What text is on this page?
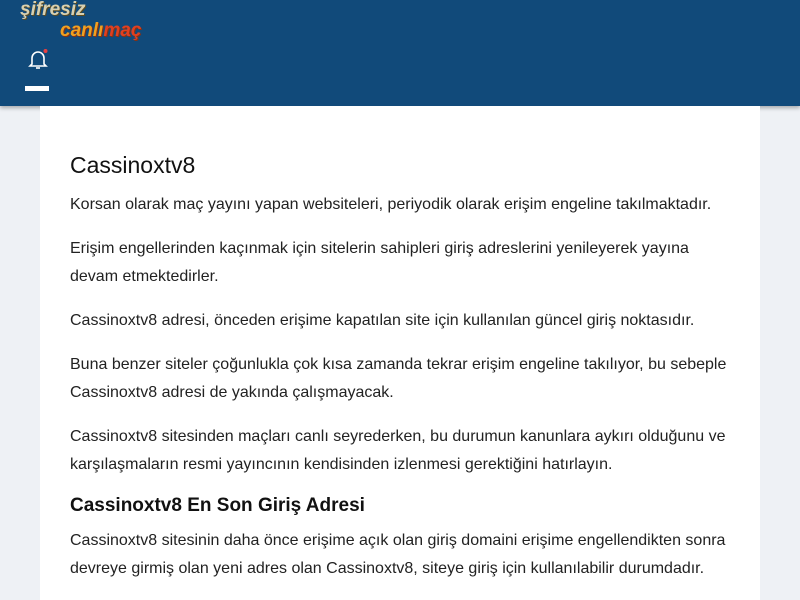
şifresiz
canlımaç
Cassinoxtv8

Korsan olarak maç yayını yapan websiteleri, periyodik olarak erişim engeline takılmaktadır.

Erişim engellerinden kaçınmak için sitelerin sahipleri giriş adreslerini yenileyerek yayına devam etmektedirler.

Cassinoxtv8 adresi, önceden erişime kapatılan site için kullanılan güncel giriş noktasıdır.

Buna benzer siteler çoğunlukla çok kısa zamanda tekrar erişim engeline takılıyor, bu sebeple Cassinoxtv8 adresi de yakında çalışmayacak.

Cassinoxtv8 sitesinden maçları canlı seyrederken, bu durumun kanunlara aykırı olduğunu ve karşılaşmaların resmi yayıncının kendisinden izlenmesi gerektiğini hatırlayın.

Cassinoxtv8 En Son Giriş Adresi

Cassinoxtv8 sitesinin daha önce erişime açık olan giriş domaini erişime engellendikten sonra devreye girmiş olan yeni adres olan Cassinoxtv8, siteye giriş için kullanılabilir durumdadır.
